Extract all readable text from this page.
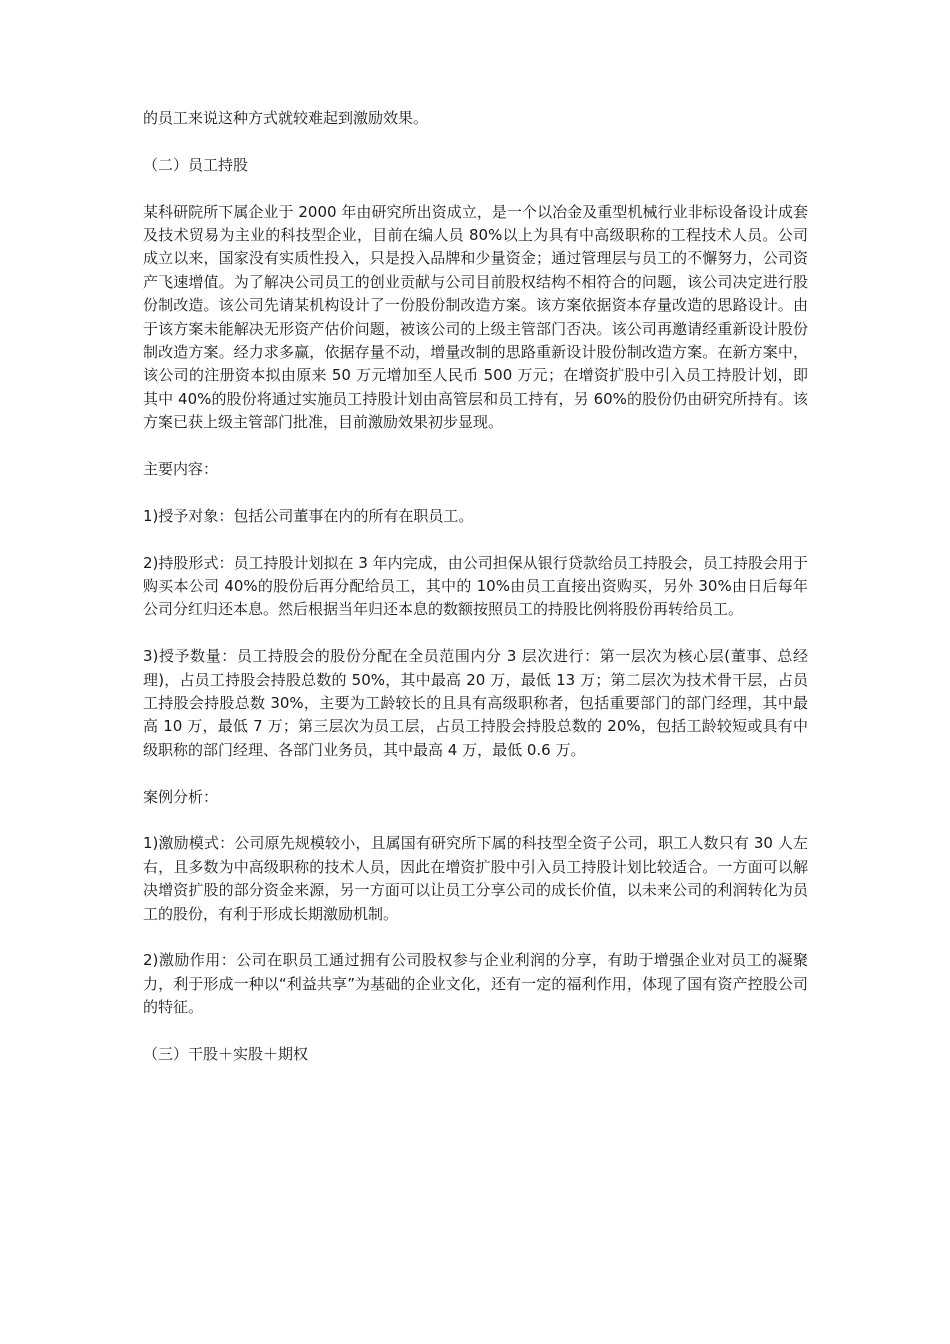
的员工来说这种方式就较难起到激励效果。

（二）员工持股

某科研院所下属企业于 2000 年由研究所出资成立，是一个以冶金及重型机械行业非标设备设计成套及技术贸易为主业的科技型企业，目前在编人员 80%以上为具有中高级职称的工程技术人员。公司成立以来，国家没有实质性投入，只是投入品牌和少量资金；通过管理层与员工的不懈努力，公司资产飞速增值。为了解决公司员工的创业贡献与公司目前股权结构不相符合的问题，该公司决定进行股份制改造。该公司先请某机构设计了一份股份制改造方案。该方案依据资本存量改造的思路设计。由于该方案未能解决无形资产估价问题，被该公司的上级主管部门否决。该公司再邀请经重新设计股份制改造方案。经力求多赢，依据存量不动，增量改制的思路重新设计股份制改造方案。在新方案中，该公司的注册资本拟由原来 50 万元增加至人民币 500 万元；在增资扩股中引入员工持股计划，即其中 40%的股份将通过实施员工持股计划由高管层和员工持有，另 60%的股份仍由研究所持有。该方案已获上级主管部门批准，目前激励效果初步显现。

主要内容：

1)授予对象：包括公司董事在内的所有在职员工。

2)持股形式：员工持股计划拟在 3 年内完成，由公司担保从银行贷款给员工持股会，员工持股会用于购买本公司 40%的股份后再分配给员工，其中的 10%由员工直接出资购买，另外 30%由日后每年公司分红归还本息。然后根据当年归还本息的数额按照员工的持股比例将股份再转给员工。

3)授予数量：员工持股会的股份分配在全员范围内分 3 层次进行：第一层次为核心层(董事、总经理)，占员工持股会持股总数的 50%，其中最高 20 万，最低 13 万；第二层次为技术骨干层，占员工持股会持股总数 30%，主要为工龄较长的且具有高级职称者，包括重要部门的部门经理，其中最高 10 万，最低 7 万；第三层次为员工层，占员工持股会持股总数的 20%，包括工龄较短或具有中级职称的部门经理、各部门业务员，其中最高 4 万，最低 0.6 万。

案例分析：

1)激励模式：公司原先规模较小，且属国有研究所下属的科技型全资子公司，职工人数只有 30 人左右，且多数为中高级职称的技术人员，因此在增资扩股中引入员工持股计划比较适合。一方面可以解决增资扩股的部分资金来源，另一方面可以让员工分享公司的成长价值，以未来公司的利润转化为员工的股份，有利于形成长期激励机制。

2)激励作用：公司在职员工通过拥有公司股权参与企业利润的分享，有助于增强企业对员工的凝聚力，利于形成一种以“利益共享”为基础的企业文化，还有一定的福利作用，体现了国有资产控股公司的特征。

（三）干股＋实股＋期权
